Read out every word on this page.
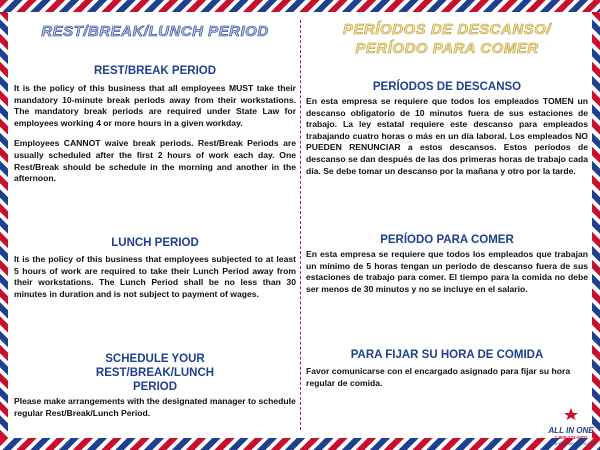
REST/BREAK/LUNCH PERIOD
REST/BREAK PERIOD

It is the policy of this business that all employees MUST take their mandatory 10-minute break periods away from their workstations. The mandatory break periods are required under State Law for employees working 4 or more hours in a given workday.

Employees CANNOT waive break periods. Rest/Break Periods are usually scheduled after the first 2 hours of work each day. One Rest/Break should be schedule in the morning and another in the afternoon.

LUNCH PERIOD

It is the policy of this business that employees subjected to at least 5 hours of work are required to take their Lunch Period away from their workstations. The Lunch Period shall be no less than 30 minutes in duration and is not subject to payment of wages.

SCHEDULE YOUR REST/BREAK/LUNCH PERIOD

Please make arrangements with the designated manager to schedule regular Rest/Break/Lunch Period.

PERÍODOS DE DESCANSO/ PERÍODO PARA COMER
PERÍODOS DE DESCANSO

En esta empresa se requiere que todos los empleados TOMEN un descanso obligatorio de 10 minutos fuera de sus estaciones de trabajo. La ley estatal requiere este descanso para empleados trabajando cuatro horas o más en un día laboral. Los empleados NO PUEDEN RENUNCIAR a estos descansos. Estos períodos de descanso se dan después de las dos primeras horas de trabajo cada día. Se debe tomar un descanso por la mañana y otro por la tarde.

PERÍODO PARA COMER

En esta empresa se requiere que todos los empleados que trabajan un mínimo de 5 horas tengan un período de descanso fuera de sus estaciones de trabajo para comer. El tiempo para la comida no debe ser menos de 30 minutos y no se incluye en el salario.

PARA FIJAR SU HORA DE COMIDA

Favor comunicarse con el encargado asignado para fijar su hora regular de comida.

ALL IN ONE
1-800-273-0307
www.allinoneposters.com
